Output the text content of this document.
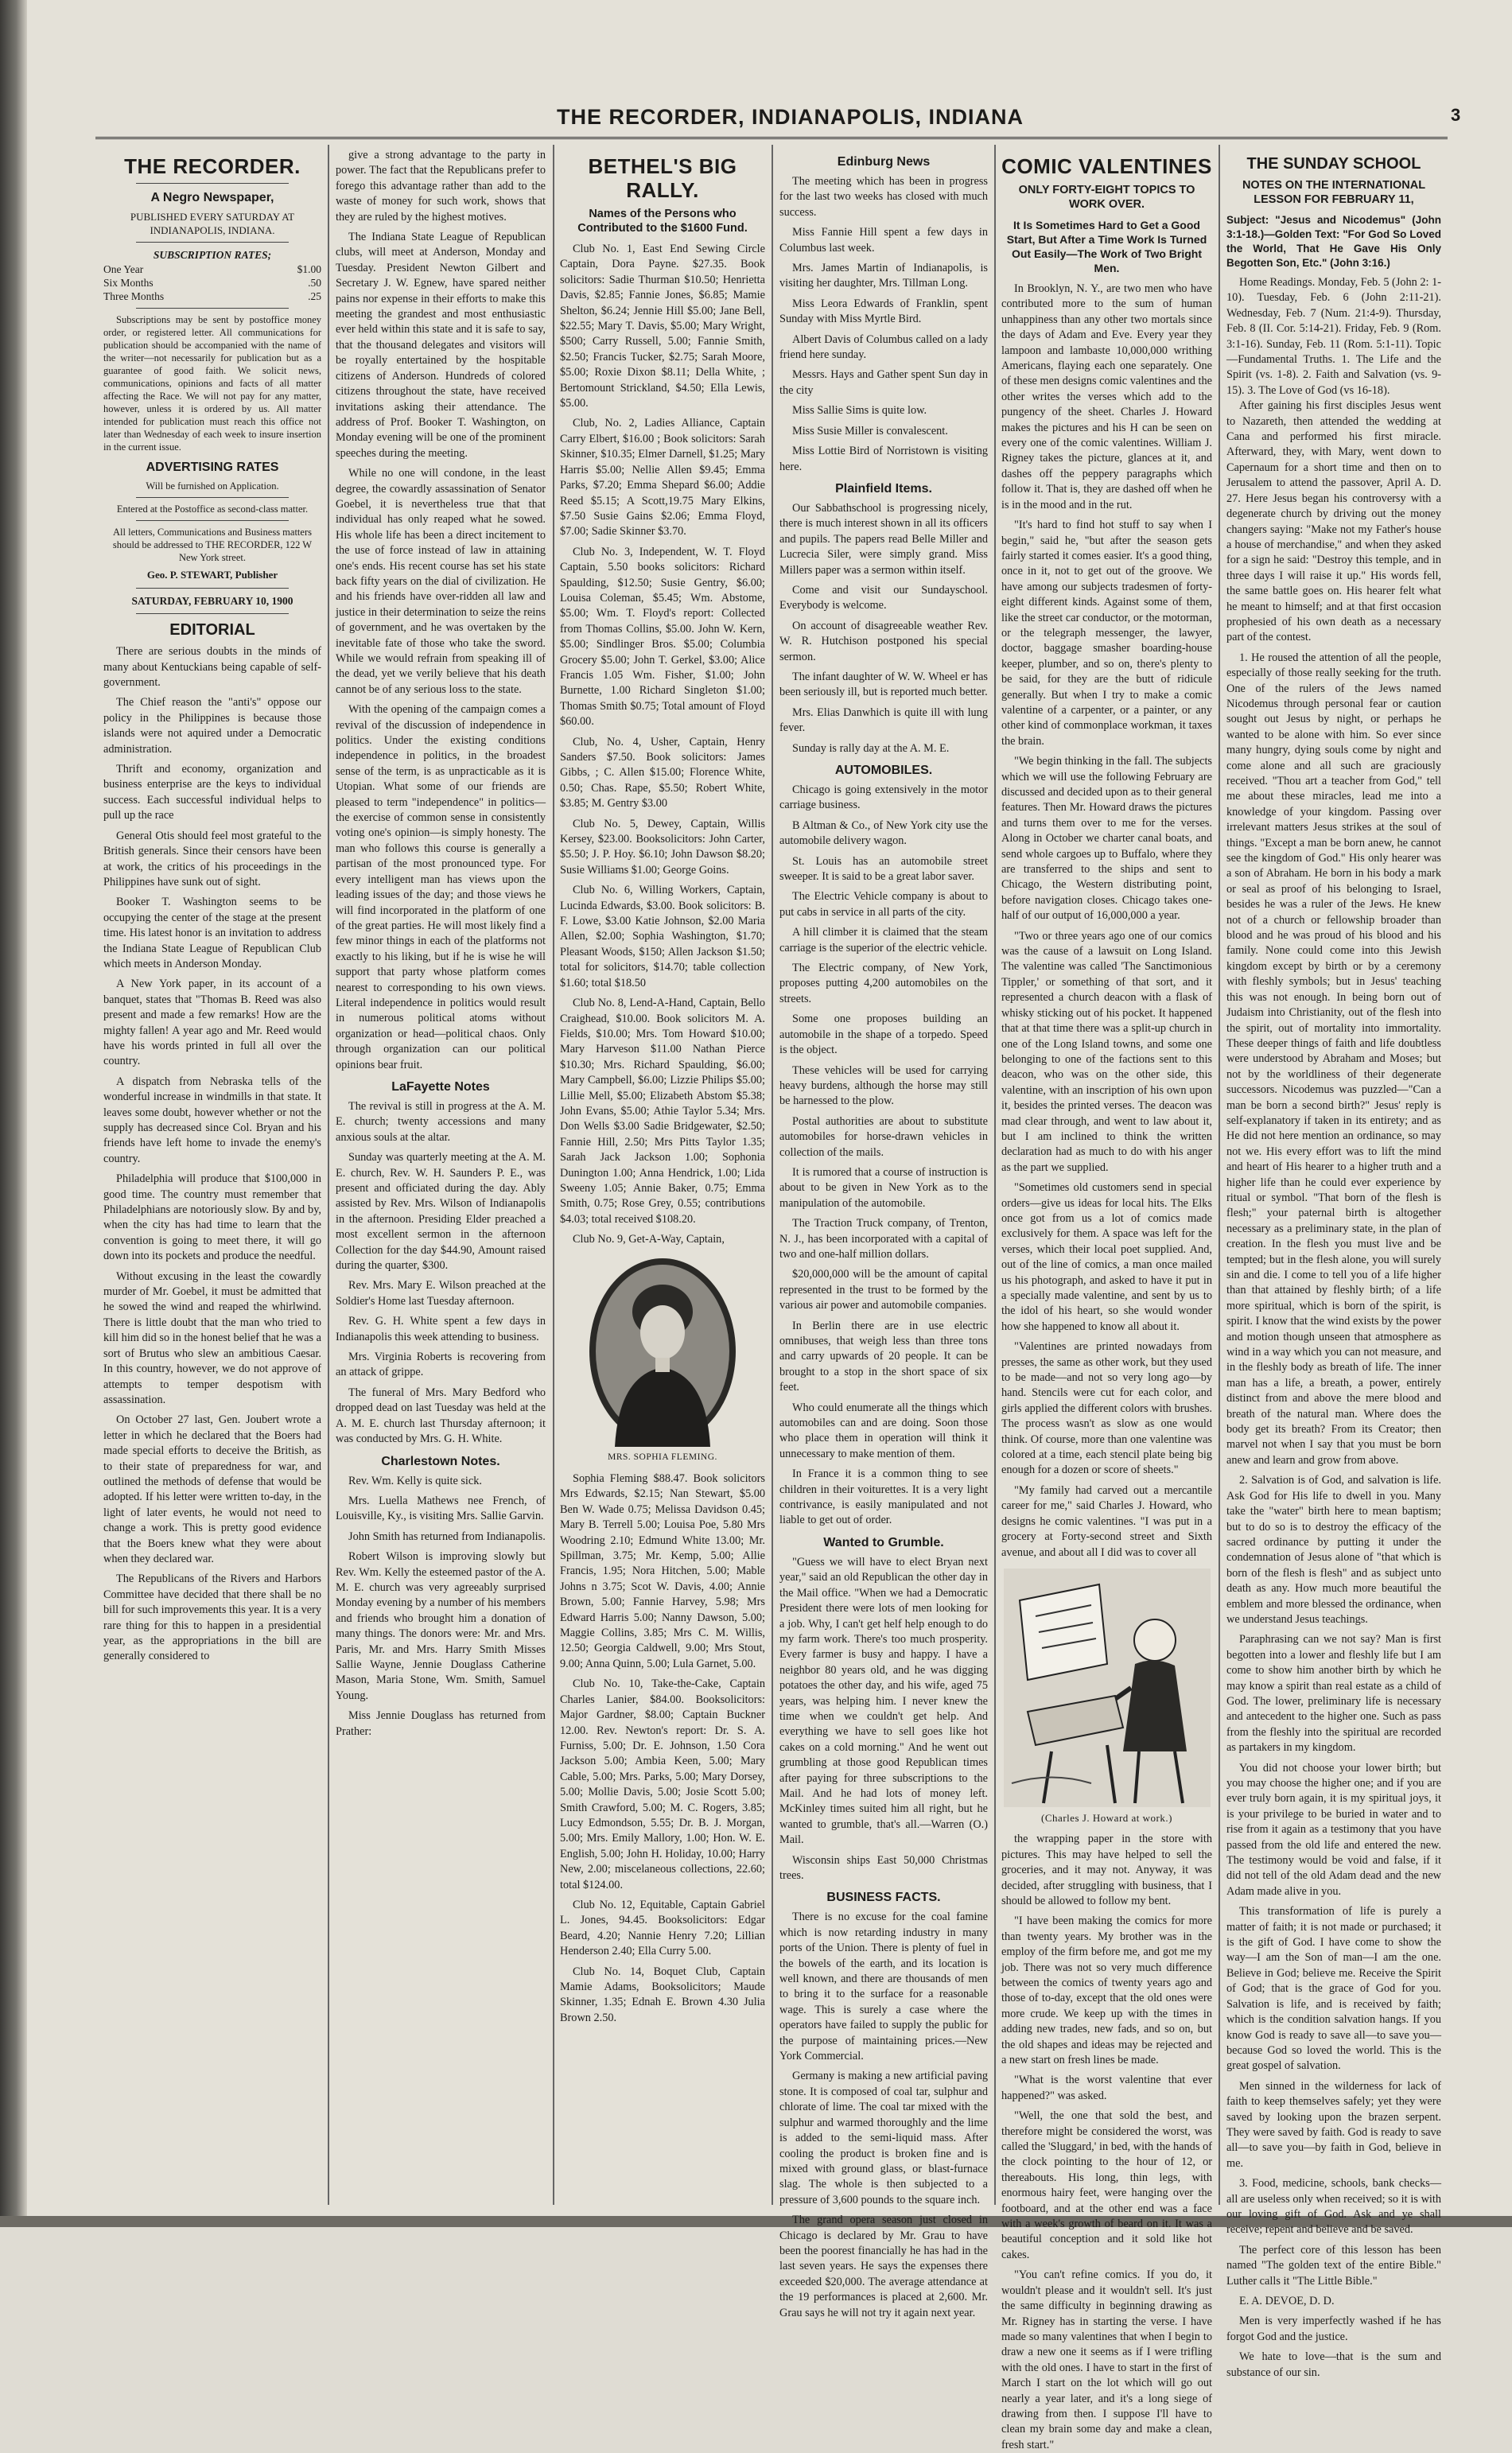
THE RECORDER, INDIANAPOLIS, INDIANA	3
THE RECORDER.
A Negro Newspaper,
PUBLISHED EVERY SATURDAY AT INDIANAPOLIS, INDIANA.
SUBSCRIPTION RATES;
One Year	$1.00
Six Months	.50
Three Months	.25

Subscriptions may be sent by postoffice money order, or registered letter. All communications for publication should be accompanied with the name of the writer—not necessarily for publication but as a guarantee of good faith. We solicit news, communications, opinions and facts of all matter affecting the Race. We will not pay for any matter, however, unless it is ordered by us. All matter intended for publication must reach this office not later than Wednesday of each week to insure insertion in the current issue.

ADVERTISING RATES
Will be furnished on Application.
Entered at the Postoffice as second-class matter.
All letters, Communications and Business matters should be addressed to THE RECORDER, 122 W New York street.
Geo. P. STEWART, Publisher
SATURDAY, FEBRUARY 10, 1900
EDITORIAL

There are serious doubts in the minds of many about Kentuckians being capable of self-government.

The Chief reason the "anti's" oppose our policy in the Philippines is because those islands were not aquired under a Democratic administration.

Thrift and economy, organization and business enterprise are the keys to individual success. Each successful individual helps to pull up the race

General Otis should feel most grateful to the British generals. Since their censors have been at work, the critics of his proceedings in the Philippines have sunk out of sight.

Booker T. Washington seems to be occupying the center of the stage at the present time. His latest honor is an invitation to address the Indiana State League of Republican Club which meets in Anderson Monday.

A New York paper, in its account of a banquet, states that "Thomas B. Reed was also present and made a few remarks! How are the mighty fallen! A year ago and Mr. Reed would have his words printed in full all over the country.

A dispatch from Nebraska tells of the wonderful increase in windmills in that state. It leaves some doubt, however whether or not the supply has decreased since Col. Bryan and his friends have left home to invade the enemy's country.

Philadelphia will produce that $100,000 in good time. The country must remember that Philadelphians are notoriously slow. By and by, when the city has had time to learn that the convention is going to meet there, it will go down into its pockets and produce the needful.

Without excusing in the least the cowardly murder of Mr. Goebel, it must be admitted that he sowed the wind and reaped the whirlwind. There is little doubt that the man who tried to kill him did so in the honest belief that he was a sort of Brutus who slew an ambitious Caesar. In this country, however, we do not approve of attempts to temper despotism with assassination.

On October 27 last, Gen. Joubert wrote a letter in which he declared that the Boers had made special efforts to deceive the British, as to their state of preparedness for war, and outlined the methods of defense that would be adopted. If his letter were written to-day, in the light of later events, he would not need to change a work. This is pretty good evidence that the Boers knew what they were about when they declared war.

The Republicans of the Rivers and Harbors Committee have decided that there shall be no bill for such improvements this year. It is a very rare thing for this to happen in a presidential year, as the appropriations in the bill are generally considered to

give a strong advantage to the party in power. The fact that the Republicans prefer to forego this advantage rather than add to the waste of money for such work, shows that they are ruled by the highest motives.

The Indiana State League of Republican clubs, will meet at Anderson, Monday and Tuesday. President Newton Gilbert and Secretary J. W. Egnew, have spared neither pains nor expense in their efforts to make this meeting the grandest and most enthusiastic ever held within this state and it is safe to say, that the thousand delegates and visitors will be royally entertained by the hospitable citizens of Anderson. Hundreds of colored citizens throughout the state, have received invitations asking their attendance. The address of Prof. Booker T. Washington, on Monday evening will be one of the prominent speeches during the meeting.

While no one will condone, in the least degree, the cowardly assassination of Senator Goebel, it is nevertheless true that that individual has only reaped what he sowed. His whole life has been a direct incitement to the use of force instead of law in attaining one's ends. His recent course has set his state back fifty years on the dial of civilization. He and his friends have over-ridden all law and justice in their determination to seize the reins of government, and he was overtaken by the inevitable fate of those who take the sword. While we would refrain from speaking ill of the dead, yet we verily believe that his death cannot be of any serious loss to the state.

With the opening of the campaign comes a revival of the discussion of independence in politics. Under the existing conditions independence in politics, in the broadest sense of the term, is as unpracticable as it is Utopian. What some of our friends are pleased to term "independence" in politics—the exercise of common sense in consistently voting one's opinion—is simply honesty. The man who follows this course is generally a partisan of the most pronounced type. For every intelligent man has views upon the leading issues of the day; and those views he will find incorporated in the platform of one of the great parties. He will most likely find a few minor things in each of the platforms not exactly to his liking, but if he is wise he will support that party whose platform comes nearest to corresponding to his own views. Literal independence in politics would result in numerous political atoms without organization or head—political chaos. Only through organization can our political opinions bear fruit.

LaFayette Notes

The revival is still in progress at the A. M. E. church; twenty accessions and many anxious souls at the altar.

Sunday was quarterly meeting at the A. M. E. church, Rev. W. H. Saunders P. E., was present and officiated during the day. Ably assisted by Rev. Mrs. Wilson of Indianapolis in the afternoon. Presiding Elder preached a most excellent sermon in the afternoon Collection for the day $44.90, Amount raised during the quarter, $300.

Rev. Mrs. Mary E. Wilson preached at the Soldier's Home last Tuesday afternoon.

Rev. G. H. White spent a few days in Indianapolis this week attending to business.

Mrs. Virginia Roberts is recovering from an attack of grippe.

The funeral of Mrs. Mary Bedford who dropped dead on last Tuesday was held at the A. M. E. church last Thursday afternoon; it was conducted by Mrs. G. H. White.

Charlestown Notes.

Rev. Wm. Kelly is quite sick.

Mrs. Luella Mathews nee French, of Louisville, Ky., is visiting Mrs. Sallie Garvin.

John Smith has returned from Indianapolis.

Robert Wilson is improving slowly but Rev. Wm. Kelly the esteemed pastor of the A. M. E. church was very agreeably surprised Monday evening by a number of his members and friends who brought him a donation of many things. The donors were: Mr. and Mrs. Paris, Mr. and Mrs. Harry Smith Misses Sallie Wayne, Jennie Douglass Catherine Mason, Maria Stone, Wm. Smith, Samuel Young.

Miss Jennie Douglass has returned from Prather:

BETHEL'S BIG RALLY.
Names of the Persons who Contributed to the $1600 Fund.

Club No. 1, East End Sewing Circle Captain, Dora Payne. $27.35. Book solicitors: Sadie Thurman $10.50; Henrietta Davis, $2.85; Fannie Jones, $6.85; Mamie Shelton, $6.24; Jennie Hill $5.00; Jane Bell, $22.55; Mary T. Davis, $5.00; Mary Wright, $500; Carry Russell, 5.00; Fannie Smith, $2.50; Francis Tucker, $2.75; Sarah Moore, $5.00; Roxie Dixon $8.11; Della White, ; Bertomount Strickland, $4.50; Ella Lewis, $5.00.

Club, No. 2, Ladies Alliance, Captain Carry Elbert, $16.00 ; Book solicitors: Sarah Skinner, $10.35; Elmer Darnell, $1.25; Mary Harris $5.00; Nellie Allen $9.45; Emma Parks, $7.20; Emma Shepard $6.00; Addie Reed $5.15; A Scott,19.75 Mary Elkins, $7.50 Susie Gains $2.06; Emma Floyd, $7.00; Sadie Skinner $3.70.

Club No. 3, Independent, W. T. Floyd Captain, 5.50 books solicitors: Richard Spaulding, $12.50; Susie Gentry, $6.00; Louisa Coleman, $5.45; Wm. Abstome, $5.00; Wm. T. Floyd's report: Collected from Thomas Collins, $5.00. John W. Kern, $5.00; Sindlinger Bros. $5.00; Columbia Grocery $5.00; John T. Gerkel, $3.00; Alice Francis 1.05 Wm. Fisher, $1.00; John Burnette, 1.00 Richard Singleton $1.00; Thomas Smith $0.75; Total amount of Floyd $60.00.

Club, No. 4, Usher, Captain, Henry Sanders $7.50. Book solicitors: James Gibbs, ; C. Allen $15.00; Florence White, 0.50; Chas. Rape, $5.50; Robert White, $3.85; M. Gentry $3.00

Club No. 5, Dewey, Captain, Willis Kersey, $23.00. Booksolicitors: John Carter, $5.50; J. P. Hoy. $6.10; John Dawson $8.20; Susie Williams $1.00; George Goins.

Club No. 6, Willing Workers, Captain, Lucinda Edwards, $3.00. Book solicitors: B. F. Lowe, $3.00 Katie Johnson, $2.00 Maria Allen, $2.00; Sophia Washington, $1.70; Pleasant Woods, $150; Allen Jackson $1.50; total for solicitors, $14.70; table collection $1.60; total $18.50

Club No. 8, Lend-A-Hand, Captain, Bello Craighead, $10.00. Book solicitors M. A. Fields, $10.00; Mrs. Tom Howard $10.00; Mary Harveson $11.00 Nathan Pierce $10.30; Mrs. Richard Spaulding, $6.00; Mary Campbell, $6.00; Lizzie Philips $5.00; Lillie Mell, $5.00; Elizabeth Abstom $5.38; John Evans, $5.00; Athie Taylor 5.34; Mrs. Don Wells $3.00 Sadie Bridgewater, $2.50; Fannie Hill, 2.50; Mrs Pitts Taylor 1.35; Sarah Jack Jackson 1.00; Sophonia Dunington 1.00; Anna Hendrick, 1.00; Lida Sweeny 1.05; Annie Baker, 0.75; Emma Smith, 0.75; Rose Grey, 0.55; contributions $4.03; total received $108.20.

Club No. 9, Get-A-Way, Captain,

MRS. SOPHIA FLEMING.

Sophia Fleming $88.47. Book solicitors Mrs Edwards, $2.15; Nan Stewart, $5.00 Ben W. Wade 0.75; Melissa Davidson 0.45; Mary B. Terrell 5.00; Louisa Poe, 5.80 Mrs Woodring 2.10; Edmund White 13.00; Mr. Spillman, 3.75; Mr. Kemp, 5.00; Allie Francis, 1.95; Nora Hitchen, 5.00; Mable Johns n 3.75; Scot W. Davis, 4.00; Annie Brown, 5.00; Fannie Harvey, 5.98; Mrs Edward Harris 5.00; Nanny Dawson, 5.00; Maggie Collins, 3.85; Mrs C. M. Willis, 12.50; Georgia Caldwell, 9.00; Mrs Stout, 9.00; Anna Quinn, 5.00; Lula Garnet, 5.00.

Club No. 10, Take-the-Cake, Captain Charles Lanier, $84.00. Booksolicitors: Major Gardner, $8.00; Captain Buckner 12.00. Rev. Newton's report: Dr. S. A. Furniss, 5.00; Dr. E. Johnson, 1.50 Cora Jackson 5.00; Ambia Keen, 5.00; Mary Cable, 5.00; Mrs. Parks, 5.00; Mary Dorsey, 5.00; Mollie Davis, 5.00; Josie Scott 5.00; Smith Crawford, 5.00; M. C. Rogers, 3.85; Lucy Edmondson, 5.55; Dr. B. J. Morgan, 5.00; Mrs. Emily Mallory, 1.00; Hon. W. E. English, 5.00; John H. Holiday, 10.00; Harry New, 2.00; miscelaneous collections, 22.60; total $124.00.

Club No. 12, Equitable, Captain Gabriel L. Jones, 94.45. Booksolicitors: Edgar Beard, 4.20; Nannie Henry 7.20; Lillian Henderson 2.40; Ella Curry 5.00.

Club No. 14, Boquet Club, Captain Mamie Adams, Booksolicitors; Maude Skinner, 1.35; Ednah E. Brown 4.30 Julia Brown 2.50.

Edinburg News

The meeting which has been in progress for the last two weeks has closed with much success.

Miss Fannie Hill spent a few days in Columbus last week.

Mrs. James Martin of Indianapolis, is visiting her daughter, Mrs. Tillman Long.

Miss Leora Edwards of Franklin, spent Sunday with Miss Myrtle Bird.

Albert Davis of Columbus called on a lady friend here sunday.

Messrs. Hays and Gather spent Sun day in the city

Miss Sallie Sims is quite low.

Miss Susie Miller is convalescent.

Miss Lottie Bird of Norristown is visiting here.

Plainfield Items.

Our Sabbathschool is progressing nicely, there is much interest shown in all its officers and pupils. The papers read Belle Miller and Lucrecia Siler, were simply grand. Miss Millers paper was a sermon within itself.

Come and visit our Sundayschool. Everybody is welcome.

On account of disagreeable weather Rev. W. R. Hutchison postponed his special sermon.

The infant daughter of W. W. Wheel er has been seriously ill, but is reported much better.

Mrs. Elias Danwhich is quite ill with lung fever.

Sunday is rally day at the A. M. E.

AUTOMOBILES.

Chicago is going extensively in the motor carriage business.

B Altman & Co., of New York city use the automobile delivery wagon.

St. Louis has an automobile street sweeper. It is said to be a great labor saver.

The Electric Vehicle company is about to put cabs in service in all parts of the city.

A hill climber it is claimed that the steam carriage is the superior of the electric vehicle.

The Electric company, of New York, proposes putting 4,200 automobiles on the streets.

Some one proposes building an automobile in the shape of a torpedo. Speed is the object.

These vehicles will be used for carrying heavy burdens, although the horse may still be harnessed to the plow.

Postal authorities are about to substitute automobiles for horse-drawn vehicles in collection of the mails.

It is rumored that a course of instruction is about to be given in New York as to the manipulation of the automobile.

The Traction Truck company, of Trenton, N. J., has been incorporated with a capital of two and one-half million dollars.

$20,000,000 will be the amount of capital represented in the trust to be formed by the various air power and automobile companies.

In Berlin there are in use electric omnibuses, that weigh less than three tons and carry upwards of 20 people. It can be brought to a stop in the short space of six feet.

Who could enumerate all the things which automobiles can and are doing. Soon those who place them in operation will think it unnecessary to make mention of them.

In France it is a common thing to see children in their voiturettes. It is a very light contrivance, is easily manipulated and not liable to get out of order.

Wanted to Grumble.

"Guess we will have to elect Bryan next year," said an old Republican the other day in the Mail office. "When we had a Democratic President there were lots of men looking for a job. Why, I can't get helf help enough to do my farm work. There's too much prosperity. Every farmer is busy and happy. I have a neighbor 80 years old, and he was digging potatoes the other day, and his wife, aged 75 years, was helping him. I never knew the time when we couldn't get help. And everything we have to sell goes like hot cakes on a cold morning." And he went out grumbling at those good Republican times after paying for three subscriptions to the Mail. And he had lots of money left. McKinley times suited him all right, but he wanted to grumble, that's all.—Warren (O.) Mail.

Wisconsin ships East 50,000 Christmas trees.

BUSINESS FACTS.

There is no excuse for the coal famine which is now retarding industry in many ports of the Union. There is plenty of fuel in the bowels of the earth, and its location is well known, and there are thousands of men to bring it to the surface for a reasonable wage. This is surely a case where the operators have failed to supply the public for the purpose of maintaining prices.—New York Commercial.

Germany is making a new artificial paving stone. It is composed of coal tar, sulphur and chlorate of lime. The coal tar mixed with the sulphur and warmed thoroughly and the lime is added to the semi-liquid mass. After cooling the product is broken fine and is mixed with ground glass, or blast-furnace slag. The whole is then subjected to a pressure of 3,600 pounds to the square inch.

The grand opera season just closed in Chicago is declared by Mr. Grau to have been the poorest financially he has had in the last seven years. He says the expenses there exceeded $20,000. The average attendance at the 19 performances is placed at 2,600. Mr. Grau says he will not try it again next year.

COMIC VALENTINES
ONLY FORTY-EIGHT TOPICS TO WORK OVER.
It Is Sometimes Hard to Get a Good Start, But After a Time Work Is Turned Out Easily—The Work of Two Bright Men.

In Brooklyn, N. Y., are two men who have contributed more to the sum of human unhappiness than any other two mortals since the days of Adam and Eve. Every year they lampoon and lambaste 10,000,000 writhing Americans, flaying each one separately. One of these men designs comic valentines and the other writes the verses which add to the pungency of the sheet. Charles J. Howard makes the pictures and his H can be seen on every one of the comic valentines. William J. Rigney takes the picture, glances at it, and dashes off the peppery paragraphs which follow it. That is, they are dashed off when he is in the mood and in the rut.

"It's hard to find hot stuff to say when I begin," said he, "but after the season gets fairly started it comes easier. It's a good thing, once in it, not to get out of the groove. We have among our subjects tradesmen of forty-eight different kinds. Against some of them, like the street car conductor, or the motorman, or the telegraph messenger, the lawyer, doctor, baggage smasher boarding-house keeper, plumber, and so on, there's plenty to be said, for they are the butt of ridicule generally. But when I try to make a comic valentine of a carpenter, or a painter, or any other kind of commonplace workman, it taxes the brain.

"We begin thinking in the fall. The subjects which we will use the following February are discussed and decided upon as to their general features. Then Mr. Howard draws the pictures and turns them over to me for the verses. Along in October we charter canal boats, and send whole cargoes up to Buffalo, where they are transferred to the ships and sent to Chicago, the Western distributing point, before navigation closes. Chicago takes one-half of our output of 16,000,000 a year.

"Two or three years ago one of our comics was the cause of a lawsuit on Long Island. The valentine was called 'The Sanctimonious Tippler,' or something of that sort, and it represented a church deacon with a flask of whisky sticking out of his pocket. It happened that at that time there was a split-up church in one of the Long Island towns, and some one belonging to one of the factions sent to this deacon, who was on the other side, this valentine, with an inscription of his own upon it, besides the printed verses. The deacon was mad clear through, and went to law about it, but I am inclined to think the written declaration had as much to do with his anger as the part we supplied.

"Sometimes old customers send in special orders—give us ideas for local hits. The Elks once got from us a lot of comics made exclusively for them. A space was left for the verses, which their local poet supplied. And, out of the line of comics, a man once mailed us his photograph, and asked to have it put in a specially made valentine, and sent by us to the idol of his heart, so she would wonder how she happened to know all about it.

"Valentines are printed nowadays from presses, the same as other work, but they used to be made—and not so very long ago—by hand. Stencils were cut for each color, and girls applied the different colors with brushes. The process wasn't as slow as one would think. Of course, more than one valentine was colored at a time, each stencil plate being big enough for a dozen or score of sheets."

"My family had carved out a mercantile career for me," said Charles J. Howard, who designs he comic valentines. "I was put in a grocery at Forty-second street and Sixth avenue, and about all I did was to cover all

(Charles J. Howard at work.)

the wrapping paper in the store with pictures. This may have helped to sell the groceries, and it may not. Anyway, it was decided, after struggling with business, that I should be allowed to follow my bent.

"I have been making the comics for more than twenty years. My brother was in the employ of the firm before me, and got me my job. There was not so very much difference between the comics of twenty years ago and those of to-day, except that the old ones were more crude. We keep up with the times in adding new trades, new fads, and so on, but the old shapes and ideas may be rejected and a new start on fresh lines be made.

"What is the worst valentine that ever happened?" was asked.

"Well, the one that sold the best, and therefore might be considered the worst, was called the 'Sluggard,' in bed, with the hands of the clock pointing to the hour of 12, or thereabouts. His long, thin legs, with enormous hairy feet, were hanging over the footboard, and at the other end was a face with a week's growth of beard on it. It was a beautiful conception and it sold like hot cakes.

"You can't refine comics. If you do, it wouldn't please and it wouldn't sell. It's just the same difficulty in beginning drawing as Mr. Rigney has in starting the verse. I have made so many valentines that when I begin to draw a new one it seems as if I were trifling with the old ones. I have to start in the first of March I start on the lot which will go out nearly a year later, and it's a long siege of drawing from then. I suppose I'll have to clean my brain some day and make a clean, fresh start."

THE SUNDAY SCHOOL
NOTES ON THE INTERNATIONAL LESSON FOR FEBRUARY 11,

Subject: "Jesus and Nicodemus" (John 3:1-18.)—Golden Text: "For God So Loved the World, That He Gave His Only Begotten Son, Etc." (John 3:16.)

Home Readings. Monday, Feb. 5 (John 2: 1-10). Tuesday, Feb. 6 (John 2:11-21). Wednesday, Feb. 7 (Num. 21:4-9). Thursday, Feb. 8 (II. Cor. 5:14-21). Friday, Feb. 9 (Rom. 3:1-16). Sunday, Feb. 11 (Rom. 5:1-11). Topic—Fundamental Truths. 1. The Life and the Spirit (vs. 1-8). 2. Faith and Salvation (vs. 9-15). 3. The Love of God (vs 16-18).

After gaining his first disciples Jesus went to Nazareth, then attended the wedding at Cana and performed his first miracle. Afterward, they, with Mary, went down to Capernaum for a short time and then on to Jerusalem to attend the passover, April A. D. 27. Here Jesus began his controversy with a degenerate church by driving out the money changers saying: "Make not my Father's house a house of merchandise," and when they asked for a sign he said: "Destroy this temple, and in three days I will raise it up." His words fell, the same battle goes on. His hearer felt what he meant to himself; and at that first occasion prophesied of his own death as a necessary part of the contest.

1. He roused the attention of all the people, especially of those really seeking for the truth. One of the rulers of the Jews named Nicodemus through personal fear or caution sought out Jesus by night, or perhaps he wanted to be alone with him. So ever since many hungry, dying souls come by night and come alone and all such are graciously received. "Thou art a teacher from God," tell me about these miracles, lead me into a knowledge of your kingdom. Passing over irrelevant matters Jesus strikes at the soul of things. "Except a man be born anew, he cannot see the kingdom of God." His only hearer was a son of Abraham. He born in his body a mark or seal as proof of his belonging to Israel, besides he was a ruler of the Jews. He knew not of a church or fellowship broader than blood and he was proud of his blood and his family. None could come into this Jewish kingdom except by birth or by a ceremony with fleshly symbols; but in Jesus' teaching this was not enough. In being born out of Judaism into Christianity, out of the flesh into the spirit, out of mortality into immortality. These deeper things of faith and life doubtless were understood by Abraham and Moses; but not by the worldliness of their degenerate successors. Nicodemus was puzzled—"Can a man be born a second birth?" Jesus' reply is self-explanatory if taken in its entirety; and as He did not here mention an ordinance, so may not we. His every effort was to lift the mind and heart of His hearer to a higher truth and a higher life than he could ever experience by ritual or symbol. "That born of the flesh is flesh;" your paternal birth is altogether necessary as a preliminary state, in the plan of creation. In the flesh you must live and be tempted; but in the flesh alone, you will surely sin and die. I come to tell you of a life higher than that attained by fleshly birth; of a life more spiritual, which is born of the spirit, is spirit. I know that the wind exists by the power and motion though unseen that atmosphere as wind in a way which you can not measure, and in the fleshly body as breath of life. The inner man has a life, a breath, a power, entirely distinct from and above the mere blood and breath of the natural man. Where does the body get its breath? From its Creator; then marvel not when I say that you must be born anew and learn and grow from above.

2. Salvation is of God, and salvation is life. Ask God for His life to dwell in you. Many take the "water" birth here to mean baptism; but to do so is to destroy the efficacy of the sacred ordinance by putting it under the condemnation of Jesus alone of "that which is born of the flesh is flesh" and as subject unto death as any. How much more beautiful the emblem and more blessed the ordinance, when we understand Jesus teachings.

Paraphrasing can we not say? Man is first begotten into a lower and fleshly life but I am come to show him another birth by which he may know a spirit than real estate as a child of God. The lower, preliminary life is necessary and antecedent to the higher one. Such as pass from the fleshly into the spiritual are recorded as partakers in my kingdom.

You did not choose your lower birth; but you may choose the higher one; and if you are ever truly born again, it is my spiritual joys, it is your privilege to be buried in water and to rise from it again as a testimony that you have passed from the old life and entered the new. The testimony would be void and false, if it did not tell of the old Adam dead and the new Adam made alive in you.

This transformation of life is purely a matter of faith; it is not made or purchased; it is the gift of God. I have come to show the way—I am the Son of man—I am the one. Believe in God; believe me. Receive the Spirit of God; that is the grace of God for you. Salvation is life, and is received by faith; which is the condition salvation hangs. If you know God is ready to save all—to save you—because God so loved the world. This is the great gospel of salvation.

Men sinned in the wilderness for lack of faith to keep themselves safely; yet they were saved by looking upon the brazen serpent. They were saved by faith. God is ready to save all—to save you—by faith in God, believe in me.

3. Food, medicine, schools, bank checks—all are useless only when received; so it is with our loving gift of God. Ask and ye shall receive; repent and believe and be saved.

The perfect core of this lesson has been named "The golden text of the entire Bible." Luther calls it "The Little Bible."

E. A. DEVOE, D. D.

Men is very imperfectly washed if he has forgot God and the justice.

We hate to love—that is the sum and substance of our sin.
